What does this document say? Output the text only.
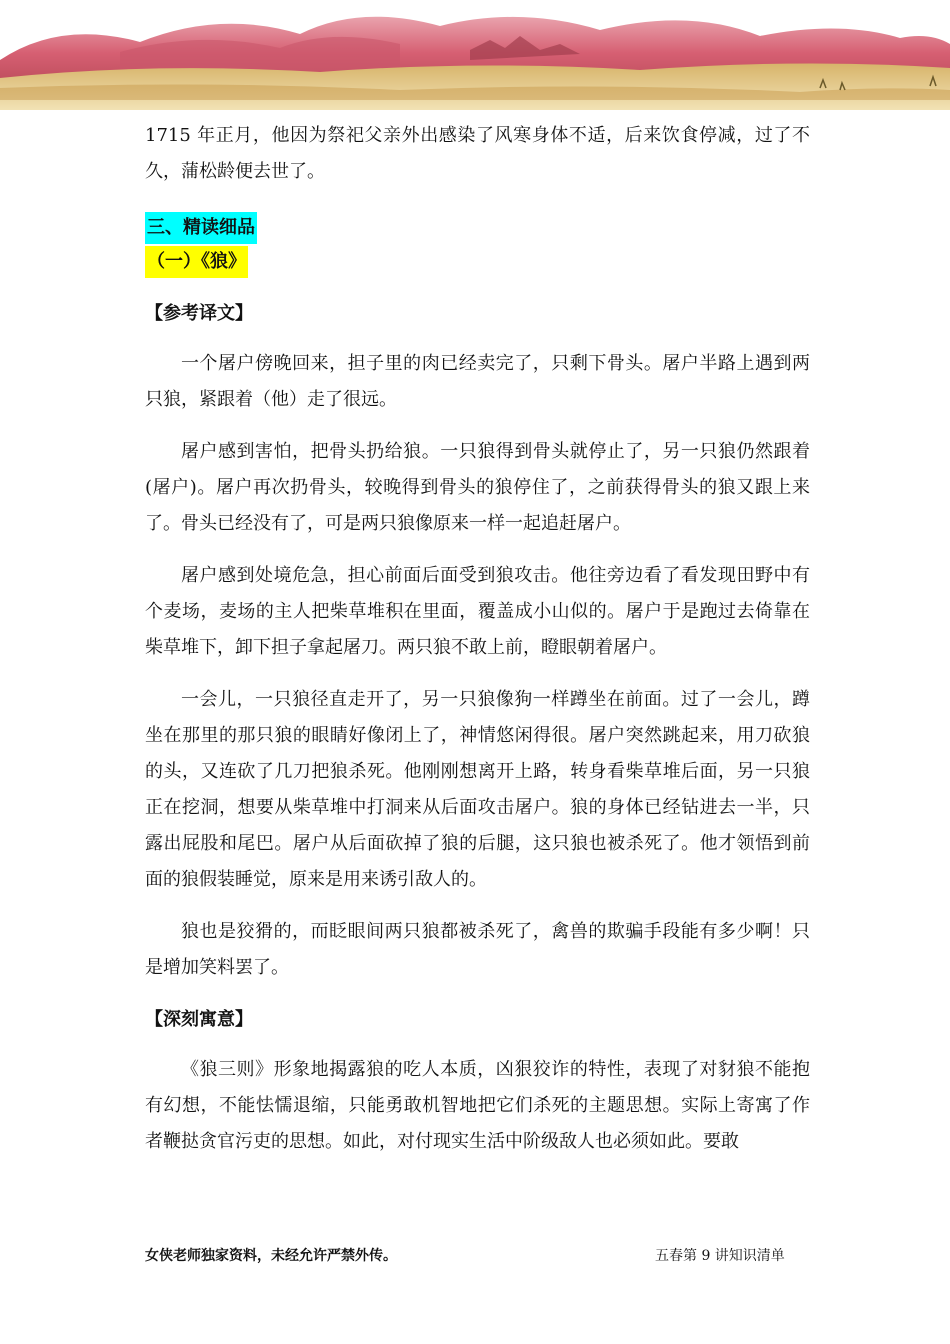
1715 年正月，他因为祭祀父亲外出感染了风寒身体不适，后来饮食停减，过了不久，蒲松龄便去世了。

三、精读细品
（一）《狼》

【参考译文】

一个屠户傍晚回来，担子里的肉已经卖完了，只剩下骨头。屠户半路上遇到两只狼，紧跟着（他）走了很远。

屠户感到害怕，把骨头扔给狼。一只狼得到骨头就停止了，另一只狼仍然跟着(屠户)。屠户再次扔骨头，较晚得到骨头的狼停住了，之前获得骨头的狼又跟上来了。骨头已经没有了，可是两只狼像原来一样一起追赶屠户。

屠户感到处境危急，担心前面后面受到狼攻击。他往旁边看了看发现田野中有个麦场，麦场的主人把柴草堆积在里面，覆盖成小山似的。屠户于是跑过去倚靠在柴草堆下，卸下担子拿起屠刀。两只狼不敢上前，瞪眼朝着屠户。

一会儿，一只狼径直走开了，另一只狼像狗一样蹲坐在前面。过了一会儿，蹲坐在那里的那只狼的眼睛好像闭上了，神情悠闲得很。屠户突然跳起来，用刀砍狼的头，又连砍了几刀把狼杀死。他刚刚想离开上路，转身看柴草堆后面，另一只狼正在挖洞，想要从柴草堆中打洞来从后面攻击屠户。狼的身体已经钻进去一半，只露出屁股和尾巴。屠户从后面砍掉了狼的后腿，这只狼也被杀死了。他才领悟到前面的狼假装睡觉，原来是用来诱引敌人的。

狼也是狡猾的，而眨眼间两只狼都被杀死了，禽兽的欺骗手段能有多少啊！只是增加笑料罢了。

【深刻寓意】

《狼三则》形象地揭露狼的吃人本质，凶狠狡诈的特性，表现了对豺狼不能抱有幻想，不能怯懦退缩，只能勇敢机智地把它们杀死的主题思想。实际上寄寓了作者鞭挞贪官污吏的思想。如此，对付现实生活中阶级敌人也必须如此。要敢

女侠老师独家资料，未经允许严禁外传。	五春第 9 讲知识清单
